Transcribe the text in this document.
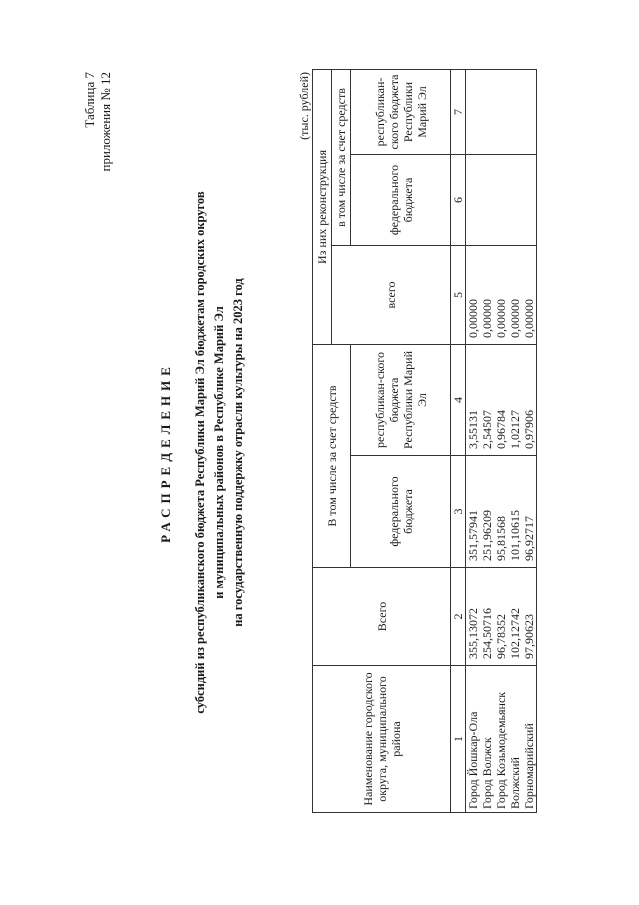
Таблица 7 приложения № 12
РАСПРЕДЕЛЕНИЕ субсидий из республиканского бюджета Республики Марий Эл бюджетам городских округов и муниципальных районов в Республике Марий Эл на государственную поддержку отрасли культуры на 2023 год
(тыс. рублей)
Наименование городского округа, муниципального района	Всего	В том числе за счет средств		Из них реконструкция		
				всего	в том числе за счет средств	
		федерального бюджета	республикан-ского бюджета Республики Марий Эл		федерального бюджета	республикан-ского бюджета Республики Марий Эл
1	2	3	4	5	6	7
Город Йошкар-Ола	355,13072	351,57941	3,55131	0,00000		
Город Волжск	254,50716	251,96209	2,54507	0,00000		
Город Козьмодемьянск	96,78352	95,81568	0,96784	0,00000		
Волжский	102,12742	101,10615	1,02127	0,00000		
Горномарийский	97,90623	96,92717	0,97906	0,00000		
